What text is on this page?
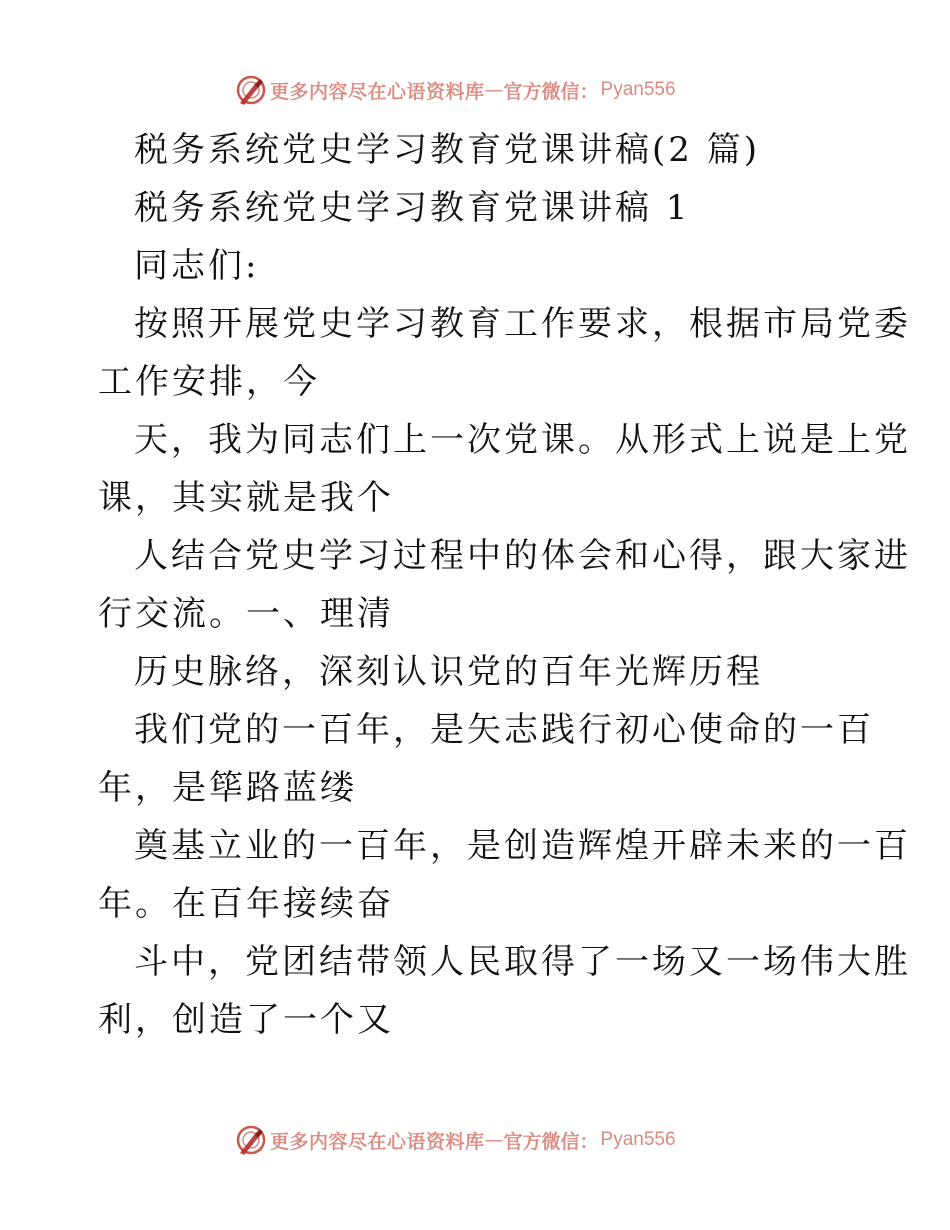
更多内容尽在心语资料库 — 官方微信： Pyan556
税务系统党史学习教育党课讲稿(2 篇)
税务系统党史学习教育党课讲稿 1
同志们:
按照开展党史学习教育工作要求，根据市局党委
工作安排，今
天，我为同志们上一次党课。从形式上说是上党
课，其实就是我个
人结合党史学习过程中的体会和心得，跟大家进
行交流。一、理清
历史脉络，深刻认识党的百年光辉历程
我们党的一百年，是矢志践行初心使命的一百
年，是筚路蓝缕
奠基立业的一百年，是创造辉煌开辟未来的一百
年。在百年接续奋
斗中，党团结带领人民取得了一场又一场伟大胜
利，创造了一个又
更多内容尽在心语资料库 — 官方微信： Pyan556
